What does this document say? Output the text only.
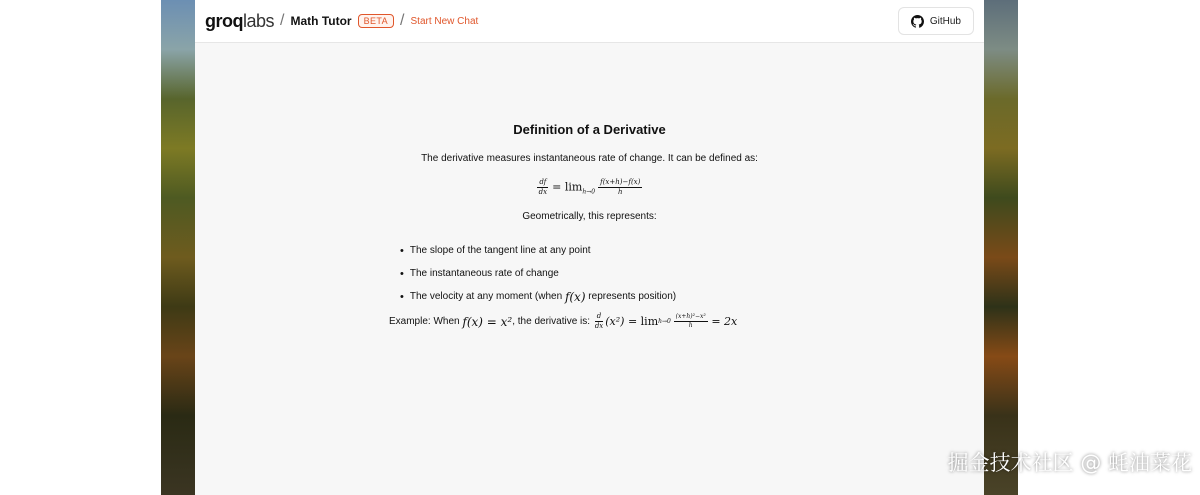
groq labs / Math Tutor	BETA / Start New Chat	GitHub
Definition of a Derivative
The derivative measures instantaneous rate of change. It can be defined as:
$\frac{df}{dx} = \lim_{h\to 0} \frac{f(x+h)-f(x)}{h}$
Geometrically, this represents:
• The slope of the tangent line at any point
• The instantaneous rate of change
• The velocity at any moment (when
f(x)
represents position)
Example: When
f(x) = x² , the derivative is:
$\frac{d}{dx} (x^2) = \lim h\to 0$
$\frac{\text{(x+h)²−x²}}{h} = 2x$
掘金技术社区 @ 蚝油菜花
